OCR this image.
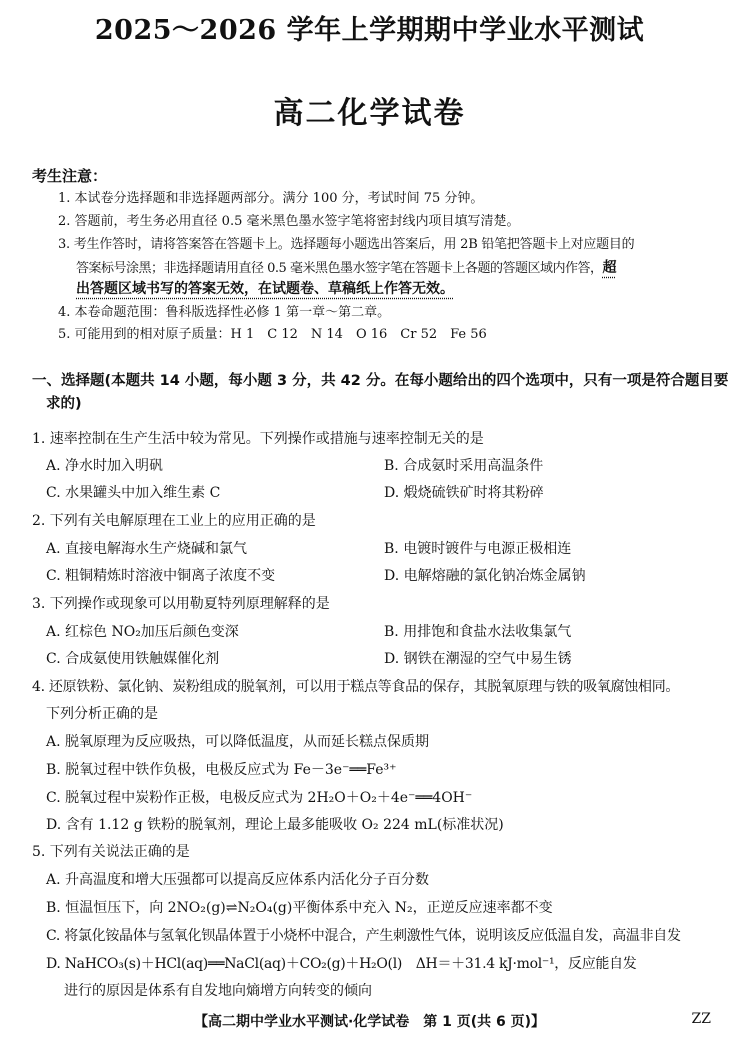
2025～2026 学年上学期期中学业水平测试
高二化学试卷
考生注意：
1. 本试卷分选择题和非选择题两部分。满分 100 分，考试时间 75 分钟。
2. 答题前，考生务必用直径 0.5 毫米黑色墨水签字笔将密封线内项目填写清楚。
3. 考生作答时，请将答案答在答题卡上。选择题每小题选出答案后，用 2B 铅笔把答题卡上对应题目的
答案标号涂黑；非选择题请用直径 0.5 毫米黑色墨水签字笔在答题卡上各题的答题区域内作答，超
出答题区域书写的答案无效，在试题卷、草稿纸上作答无效。
4. 本卷命题范围：鲁科版选择性必修 1 第一章～第二章。
5. 可能用到的相对原子质量：H 1　C 12　N 14　O 16　Cr 52　Fe 56
一、选择题(本题共 14 小题，每小题 3 分，共 42 分。在每小题给出的四个选项中，只有一项是符合题目要
求的)
1. 速率控制在生产生活中较为常见。下列操作或措施与速率控制无关的是
A. 净水时加入明矾	B. 合成氨时采用高温条件
C. 水果罐头中加入维生素 C	D. 煅烧硫铁矿时将其粉碎
2. 下列有关电解原理在工业上的应用正确的是
A. 直接电解海水生产烧碱和氯气	B. 电镀时镀件与电源正极相连
C. 粗铜精炼时溶液中铜离子浓度不变	D. 电解熔融的氯化钠冶炼金属钠
3. 下列操作或现象可以用勒夏特列原理解释的是
A. 红棕色 NO₂加压后颜色变深	B. 用排饱和食盐水法收集氯气
C. 合成氨使用铁触媒催化剂	D. 钢铁在潮湿的空气中易生锈
4. 还原铁粉、氯化钠、炭粉组成的脱氧剂，可以用于糕点等食品的保存，其脱氧原理与铁的吸氧腐蚀相同。
下列分析正确的是
A. 脱氧原理为反应吸热，可以降低温度，从而延长糕点保质期
B. 脱氧过程中铁作负极，电极反应式为 Fe－3e⁻══Fe³⁺
C. 脱氧过程中炭粉作正极，电极反应式为 2H₂O＋O₂＋4e⁻══4OH⁻
D. 含有 1.12 g 铁粉的脱氧剂，理论上最多能吸收 O₂ 224 mL(标准状况)
5. 下列有关说法正确的是
A. 升高温度和增大压强都可以提高反应体系内活化分子百分数
B. 恒温恒压下，向 2NO₂(g)⇌N₂O₄(g)平衡体系中充入 N₂，正逆反应速率都不变
C. 将氯化铵晶体与氢氧化钡晶体置于小烧杯中混合，产生刺激性气体，说明该反应低温自发，高温非自发
D. NaHCO₃(s)＋HCl(aq)══NaCl(aq)＋CO₂(g)＋H₂O(l)　ΔH＝＋31.4 kJ·mol⁻¹，反应能自发
进行的原因是体系有自发地向熵增方向转变的倾向
【高二期中学业水平测试·化学试卷　第 1 页(共 6 页)】	ZZ
